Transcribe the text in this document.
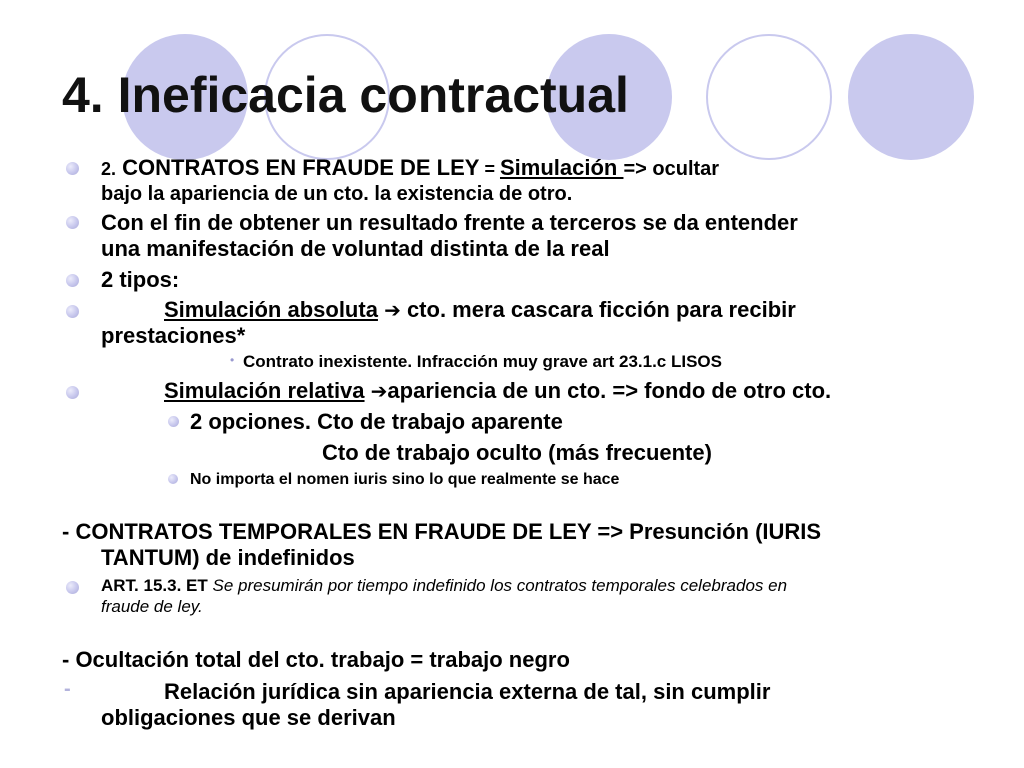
4. Ineficacia contractual
2. CONTRATOS EN FRAUDE DE LEY = Simulación => ocultar
bajo la apariencia de un cto. la existencia de otro.
Con el fin de obtener un resultado frente a terceros se da entender
una manifestación de voluntad distinta de la real
2 tipos:
Simulación absoluta ➔ cto. mera cascara ficción para recibir
prestaciones*
• Contrato inexistente. Infracción muy grave art 23.1.c LISOS
Simulación relativa ➔apariencia de un cto. => fondo de otro cto.
2 opciones. Cto de trabajo aparente
Cto de trabajo oculto (más frecuente)
No importa el nomen iuris sino lo que realmente se hace
- CONTRATOS TEMPORALES EN FRAUDE DE LEY => Presunción (IURIS
TANTUM) de indefinidos
ART. 15.3. ET Se presumirán por tiempo indefinido los contratos temporales celebrados en
fraude de ley.
- Ocultación total del cto. trabajo = trabajo negro
-	Relación jurídica sin apariencia externa de tal, sin cumplir
obligaciones que se derivan
